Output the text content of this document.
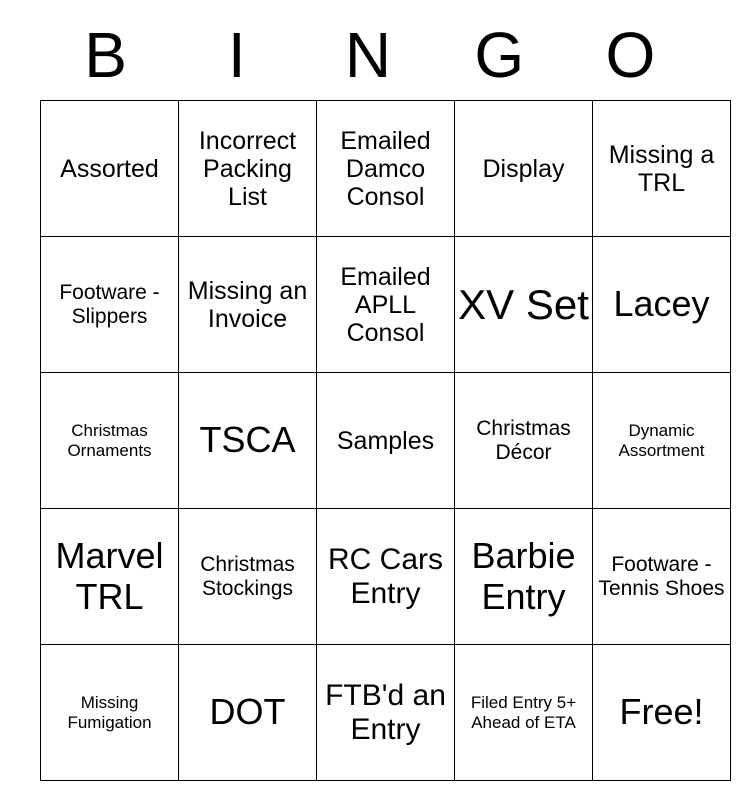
B	I	N	G	O
Assorted	Incorrect Packing List	Emailed Damco Consol	Display	Missing a TRL
Footware - Slippers	Missing an Invoice	Emailed APLL Consol	XV Set	Lacey
Christmas Ornaments	TSCA	Samples	Christmas Décor	Dynamic Assortment
Marvel TRL	Christmas Stockings	RC Cars Entry	Barbie Entry	Footware - Tennis Shoes
Missing Fumigation	DOT	FTB'd an Entry	Filed Entry 5+ Ahead of ETA	Free!
